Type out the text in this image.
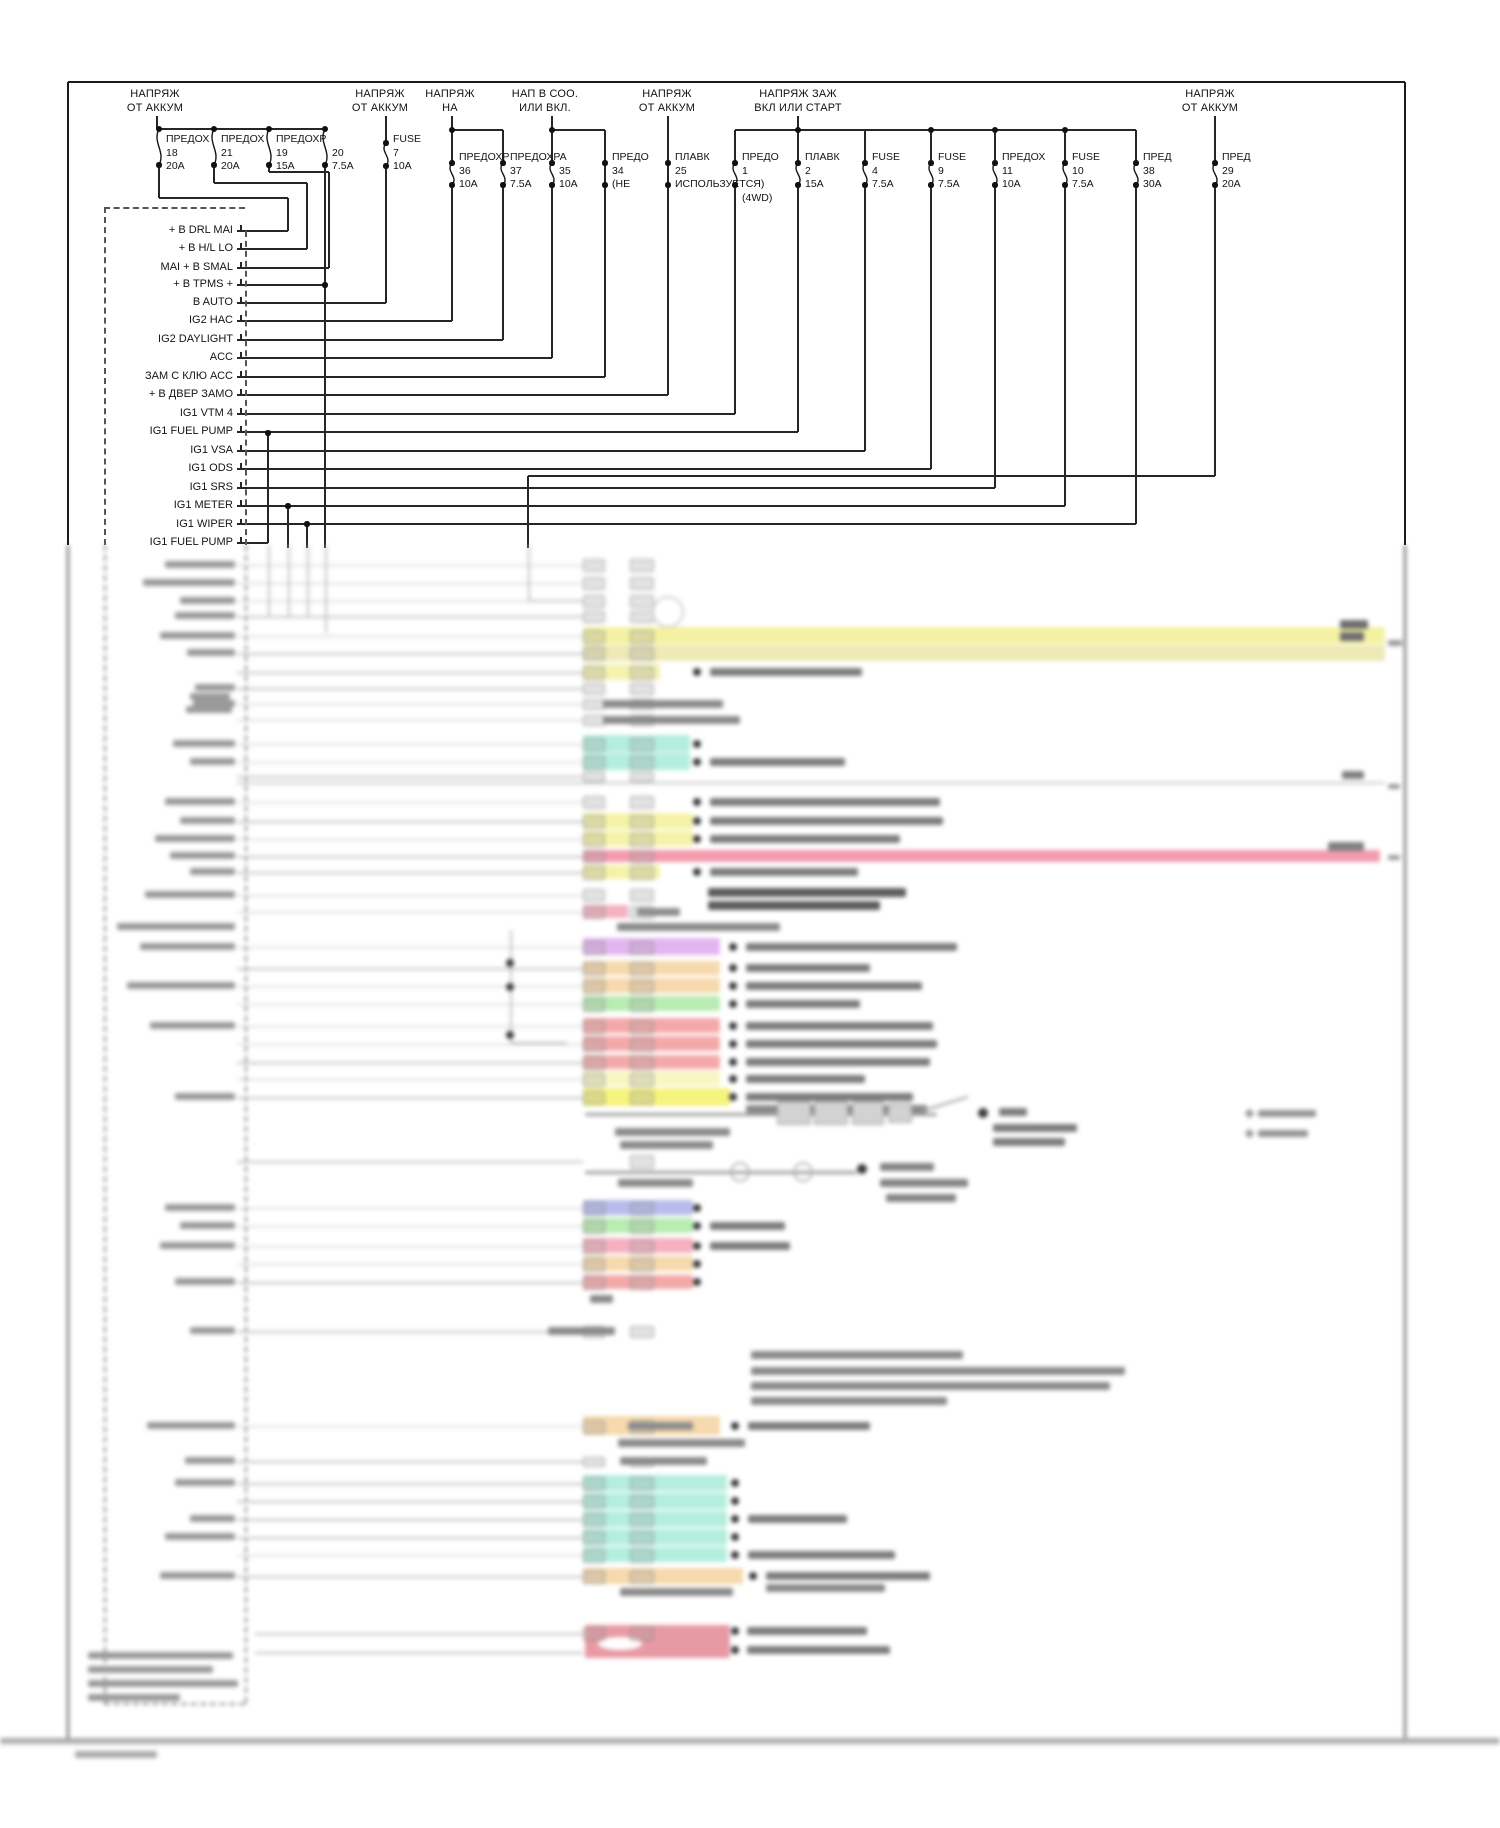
НАПРЯЖ
ОТ АККУМ
НАПРЯЖ
ОТ АККУМ
НАПРЯЖ
НА
НАП В СОО.
ИЛИ ВКЛ.
НАПРЯЖ
ОТ АККУМ
НАПРЯЖ ЗАЖ
ВКЛ ИЛИ СТАРТ
НАПРЯЖ
ОТ АККУМ
ПРЕДОХ
18
20A
ПРЕДОХ
21
20A
ПРЕДОХР
19
15A
20
7.5A
FUSE
7
10A
ПРЕДОХР
36
10A
ПРЕДОХРА
37
7.5A
35
10A
ПРЕДО
34
(НЕ
ПЛАВК
25
ИСПОЛЬЗУЕТСЯ)
ПРЕДО
1
(4WD)
ПЛАВК
2
15A
FUSE
4
7.5A
FUSE
9
7.5A
ПРЕДОХ
11
10A
FUSE
10
7.5A
ПРЕД
38
30A
ПРЕД
29
20A
+ B DRL MAI
+ B H/L LO
MAI + B SMAL
+ B TPMS +
B AUTO
IG2 HAC
IG2 DAYLIGHT
ACC
ЗАМ С КЛЮ АСС
+ В ДВЕР ЗАМО
IG1 VTM 4
IG1 FUEL PUMP
IG1 VSA
IG1 ODS
IG1 SRS
IG1 METER
IG1 WIPER
IG1 FUEL PUMP
